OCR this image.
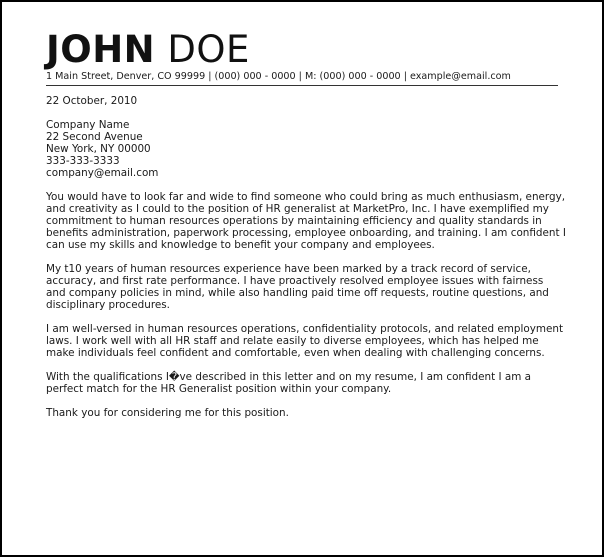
JOHN DOE
1 Main Street, Denver, CO 99999 | (000) 000 - 0000 | M: (000) 000 - 0000 | example@email.com
22 October, 2010
Company Name
22 Second Avenue
New York, NY 00000
333-333-3333
company@email.com

You would have to look far and wide to find someone who could bring as much enthusiasm, energy, and creativity as I could to the position of HR generalist at MarketPro, Inc. I have exemplified my commitment to human resources operations by maintaining efficiency and quality standards in benefits administration, paperwork processing, employee onboarding, and training. I am confident I can use my skills and knowledge to benefit your company and employees.

My t10 years of human resources experience have been marked by a track record of service, accuracy, and first rate performance. I have proactively resolved employee issues with fairness and company policies in mind, while also handling paid time off requests, routine questions, and disciplinary procedures.

I am well-versed in human resources operations, confidentiality protocols, and related employment laws. I work well with all HR staff and relate easily to diverse employees, which has helped me make individuals feel confident and comfortable, even when dealing with challenging concerns.

With the qualifications I�ve described in this letter and on my resume, I am confident I am a perfect match for the HR Generalist position within your company.

Thank you for considering me for this position.
